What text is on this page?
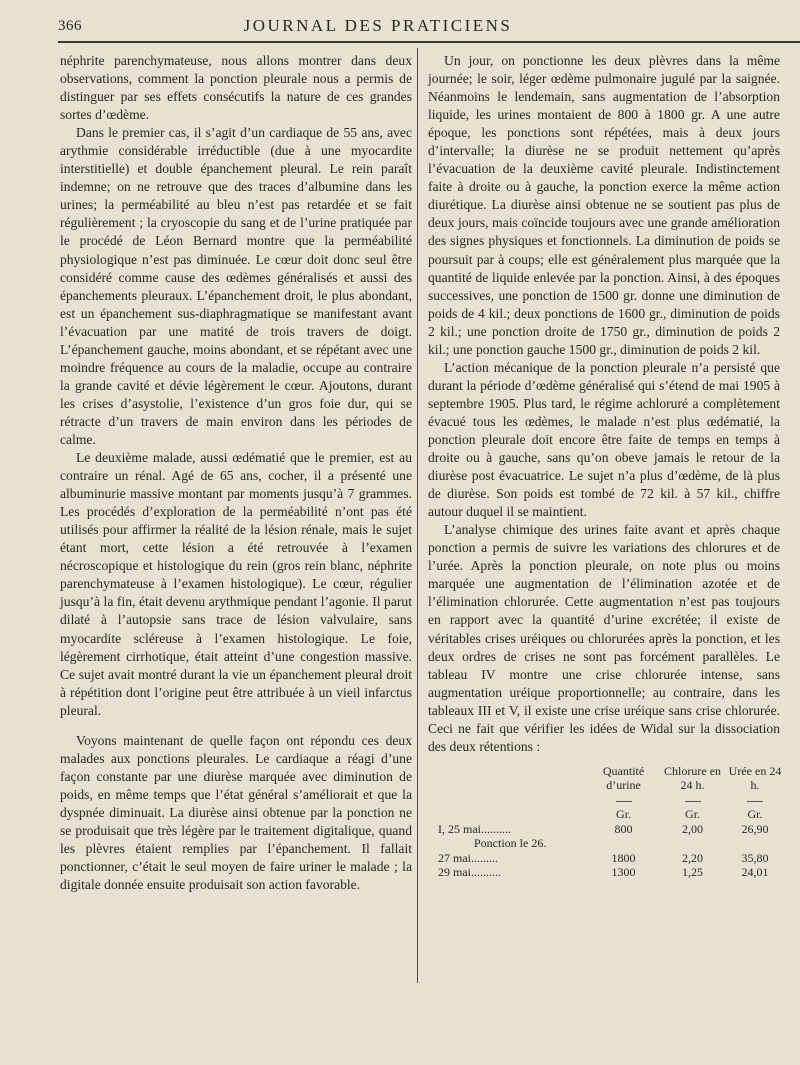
366	JOURNAL DES PRATICIENS

néphrite parenchymateuse, nous allons montrer dans deux observations, comment la ponction pleurale nous a permis de distinguer par ses effets consécutifs la nature de ces grandes sortes d’œdème.

Dans le premier cas, il s’agit d’un cardiaque de 55 ans, avec arythmie considérable irréductible (due à une myocardite interstitielle) et double épanchement pleural. Le rein paraît indemne; on ne retrouve que des traces d’albumine dans les urines; la perméabilité au bleu n’est pas retardée et se fait régulièrement ; la cryoscopie du sang et de l’urine pratiquée par le procédé de Léon Bernard montre que la perméabilité physiologique n’est pas diminuée. Le cœur doit donc seul être considéré comme cause des œdèmes généralisés et aussi des épanchements pleuraux. L’épanchement droit, le plus abondant, est un épanchement sus-diaphragmatique se manifestant avant l’évacuation par une matité de trois travers de doigt. L’épanchement gauche, moins abondant, et se répétant avec une moindre fréquence au cours de la maladie, occupe au contraire la grande cavité et dévie légèrement le cœur. Ajoutons, durant les crises d’asystolie, l’existence d’un gros foie dur, qui se rétracte d’un travers de main environ dans les périodes de calme.

Le deuxième malade, aussi œdématié que le premier, est au contraire un rénal. Agé de 65 ans, cocher, il a présenté une albuminurie massive montant par moments jusqu’à 7 grammes. Les procédés d’exploration de la perméabilité n’ont pas été utilisés pour affirmer la réalité de la lésion rénale, mais le sujet étant mort, cette lésion a été retrouvée à l’examen nécroscopique et histologique du rein (gros rein blanc, néphrite parenchymateuse à l’examen histologique). Le cœur, régulier jusqu’à la fin, était devenu arythmique pendant l’agonie. Il parut dilaté à l’autopsie sans trace de lésion valvulaire, sans myocardite scléreuse à l’examen histologique. Le foie, légèrement cirrhotique, était atteint d’une congestion massive. Ce sujet avait montré durant la vie un épanchement pleural droit à répétition dont l’origine peut être attribuée à un vieil infarctus pleural.

Voyons maintenant de quelle façon ont répondu ces deux malades aux ponctions pleurales. Le cardiaque a réagi d’une façon constante par une diurèse marquée avec diminution de poids, en même temps que l’état général s’améliorait et que la dyspnée diminuait. La diurèse ainsi obtenue par la ponction ne se produisait que très légère par le traitement digitalique, quand les plèvres étaient remplies par l’épanchement. Il fallait ponctionner, c’était le seul moyen de faire uriner le malade ; la digitale donnée ensuite produisait son action favorable.

Un jour, on ponctionne les deux plèvres dans la même journée; le soir, léger œdème pulmonaire jugulé par la saignée. Néanmoins le lendemain, sans augmentation de l’absorption liquide, les urines montaient de 800 à 1800 gr. A une autre époque, les ponctions sont répétées, mais à deux jours d’intervalle; la diurèse ne se produit nettement qu’après l’évacuation de la deuxième cavité pleurale. Indistinctement faite à droite ou à gauche, la ponction exerce la même action diurétique. La diurèse ainsi obtenue ne se soutient pas plus de deux jours, mais coïncide toujours avec une grande amélioration des signes physiques et fonctionnels. La diminution de poids se poursuit par à coups; elle est généralement plus marquée que la quantité de liquide enlevée par la ponction. Ainsi, à des époques successives, une ponction de 1500 gr. donne une diminution de poids de 4 kil.; deux ponctions de 1600 gr., diminution de poids 2 kil.; une ponction droite de 1750 gr., diminution de poids 2 kil.; une ponction gauche 1500 gr., diminution de poids 2 kil.

L’action mécanique de la ponction pleurale n’a persisté que durant la période d’œdème généralisé qui s’étend de mai 1905 à septembre 1905. Plus tard, le régime achloruré a complètement évacué tous les œdèmes, le malade n’est plus œdématié, la ponction pleurale doit encore être faite de temps en temps à droite ou à gauche, sans qu’on obeve jamais le retour de la diurèse post évacuatrice. Le sujet n’a plus d’œdème, de là plus de diurèse. Son poids est tombé de 72 kil. à 57 kil., chiffre autour duquel il se maintient.

L’analyse chimique des urines faite avant et après chaque ponction a permis de suivre les variations des chlorures et de l’urée. Après la ponction pleurale, on note plus ou moins marquée une augmentation de l’élimination azotée et de l’élimination chlorurée. Cette augmentation n’est pas toujours en rapport avec la quantité d’urine excrétée; il existe de véritables crises uréiques ou chlorurées après la ponction, et les deux ordres de crises ne sont pas forcément parallèles. Le tableau IV montre une crise chlorurée intense, sans augmentation uréique proportionnelle; au contraire, dans les tableaux III et V, il existe une crise uréique sans crise chlorurée. Ceci ne fait que vérifier les idées de Widal sur la dissociation des deux rétentions :

	Quantité d’urine	Chlorure en 24 h.	Urée en 24 h.

	Gr.	Gr.	Gr.
I, 25 mai..........	800	2,00	26,90
Ponction le 26.			
27 mai.........	1800	2,20	35,80
29 mai..........	1300	1,25	24,01
